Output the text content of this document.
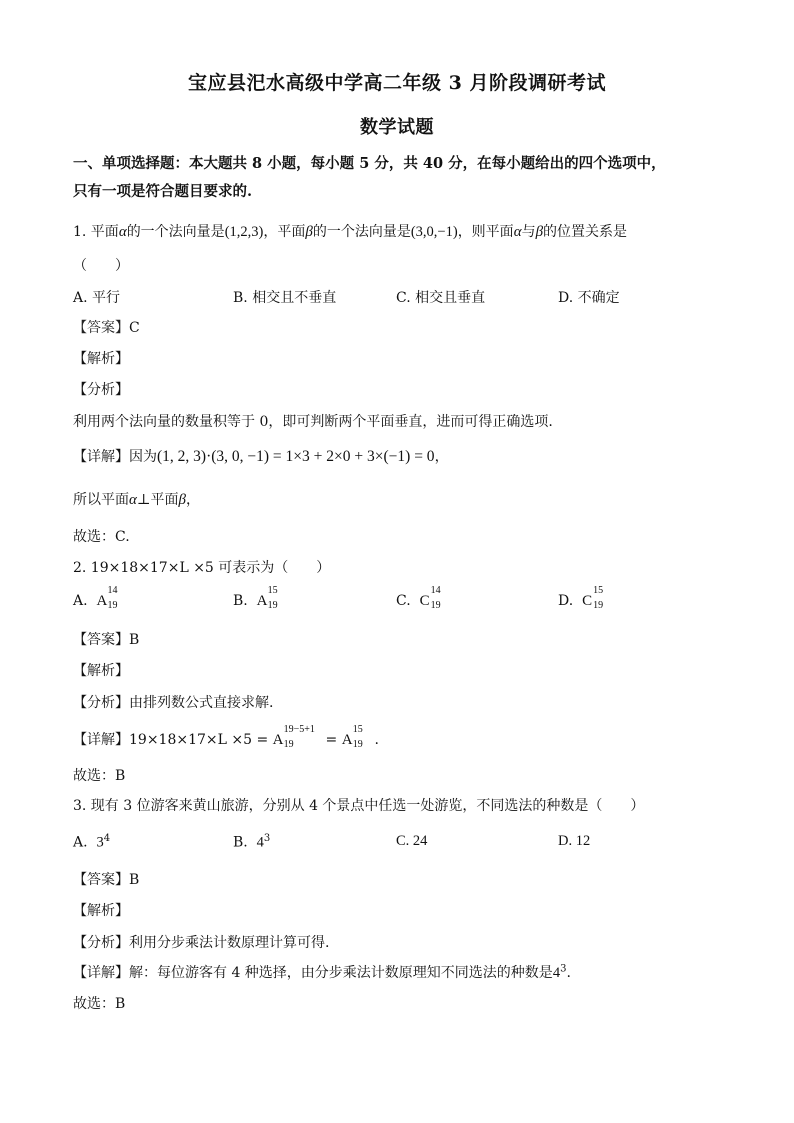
宝应县汜水高级中学高二年级 3 月阶段调研考试
数学试题
一、单项选择题：本大题共 8 小题，每小题 5 分，共 40 分，在每小题给出的四个选项中，
只有一项是符合题目要求的.
1. 平面α的一个法向量是(1,2,3)，平面β的一个法向量是(3,0,−1)，则平面α与β的位置关系是
（　　）
A. 平行	B. 相交且不垂直	C. 相交且垂直	D. 不确定
【答案】C
【解析】
【分析】
利用两个法向量的数量积等于 0，即可判断两个平面垂直，进而可得正确选项.
【详解】因为(1, 2, 3)·(3, 0, −1) = 1×3 + 2×0 + 3×(−1) = 0，
所以平面α⊥平面β，
故选：C.
2. 19×18×17×L ×5 可表示为（　　）
A. A
14
19	B. A
15
19	C. C
14
19	D. C
15
19
【答案】B
【解析】
【分析】由排列数公式直接求解.
【详解】19×18×17×L ×5 = A
19−5+1
19 = A
15
19 .
故选：B
3. 现有 3 位游客来黄山旅游，分别从 4 个景点中任选一处游览，不同选法的种数是（　　）
A. $3^4$	B. $4^3$	C. 24	D. 12
【答案】B
【解析】
【分析】利用分步乘法计数原理计算可得.
【详解】解：每位游客有 4 种选择，由分步乘法计数原理知不同选法的种数是$4^3$.
故选：B
